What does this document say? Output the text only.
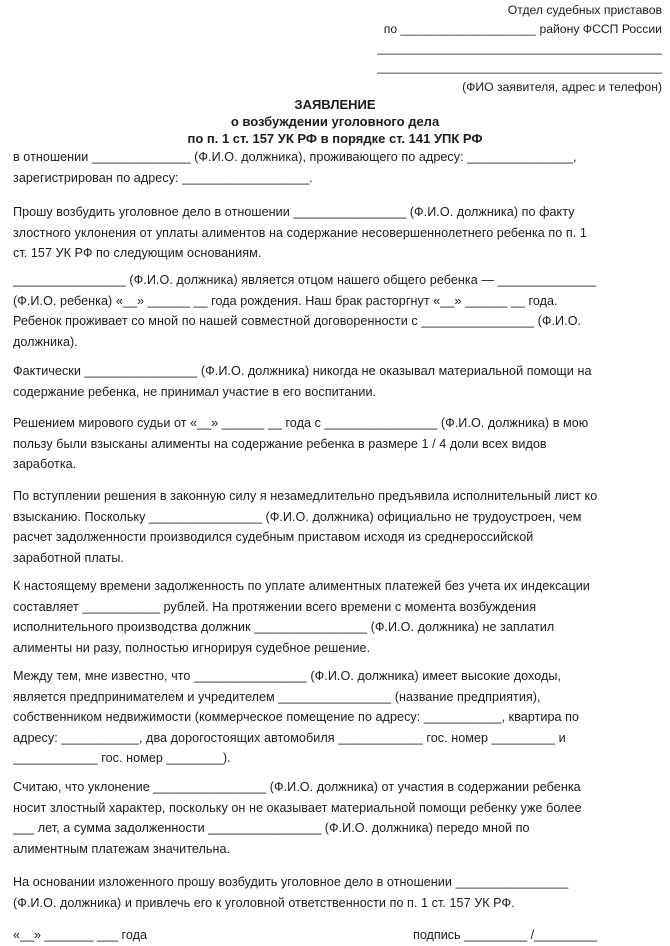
Отдел судебных приставов
по ____________________ району ФССП России
__________________________________________
__________________________________________
(ФИО заявителя, адрес и телефон)
ЗАЯВЛЕНИЕ
о возбуждении уголовного дела
по п. 1 ст. 157 УК РФ в порядке ст. 141 УПК РФ
в отношении ______________ (Ф.И.О. должника), проживающего по адресу: _______________,
зарегистрирован по адресу: __________________.
Прошу возбудить уголовное дело в отношении ________________ (Ф.И.О. должника) по факту
злостного уклонения от уплаты алиментов на содержание несовершеннолетнего ребенка по п. 1
ст. 157 УК РФ по следующим основаниям.
________________ (Ф.И.О. должника) является отцом нашего общего ребенка — ______________
(Ф.И.О. ребенка) «__» ______ __ года рождения. Наш брак расторгнут «__» ______ __ года.
Ребенок проживает со мной по нашей совместной договоренности с ________________ (Ф.И.О.
должника).
Фактически ________________ (Ф.И.О. должника) никогда не оказывал материальной помощи на
содержание ребенка, не принимал участие в его воспитании.
Решением мирового судьи от «__» ______ __ года с ________________ (Ф.И.О. должника) в мою
пользу были взысканы алименты на содержание ребенка в размере 1 / 4 доли всех видов
заработка.
По вступлении решения в законную силу я незамедлительно предъявила исполнительный лист ко
взысканию. Поскольку ________________ (Ф.И.О. должника) официально не трудоустроен, чем
расчет задолженности производился судебным приставом исходя из среднероссийской
заработной платы.
К настоящему времени задолженность по уплате алиментных платежей без учета их индексации
составляет ___________ рублей. На протяжении всего времени с момента возбуждения
исполнительного производства должник ________________ (Ф.И.О. должника) не заплатил
алименты ни разу, полностью игнорируя судебное решение.
Между тем, мне известно, что ________________ (Ф.И.О. должника) имеет высокие доходы,
является предпринимателем и учредителем ________________ (название предприятия),
собственником недвижимости (коммерческое помещение по адресу: ___________, квартира по
адресу: ___________, два дорогостоящих автомобиля ____________ гос. номер _________ и
____________ гос. номер ________).
Считаю, что уклонение ________________ (Ф.И.О. должника) от участия в содержании ребенка
носит злостный характер, поскольку он не оказывает материальной помощи ребенку уже более
___ лет, а сумма задолженности ________________ (Ф.И.О. должника) передо мной по
алиментным платежам значительна.
На основании изложенного прошу возбудить уголовное дело в отношении ________________
(Ф.И.О. должника) и привлечь его к уголовной ответственности по п. 1 ст. 157 УК РФ.
«__» _______ ___ года	подпись _________ /_________
